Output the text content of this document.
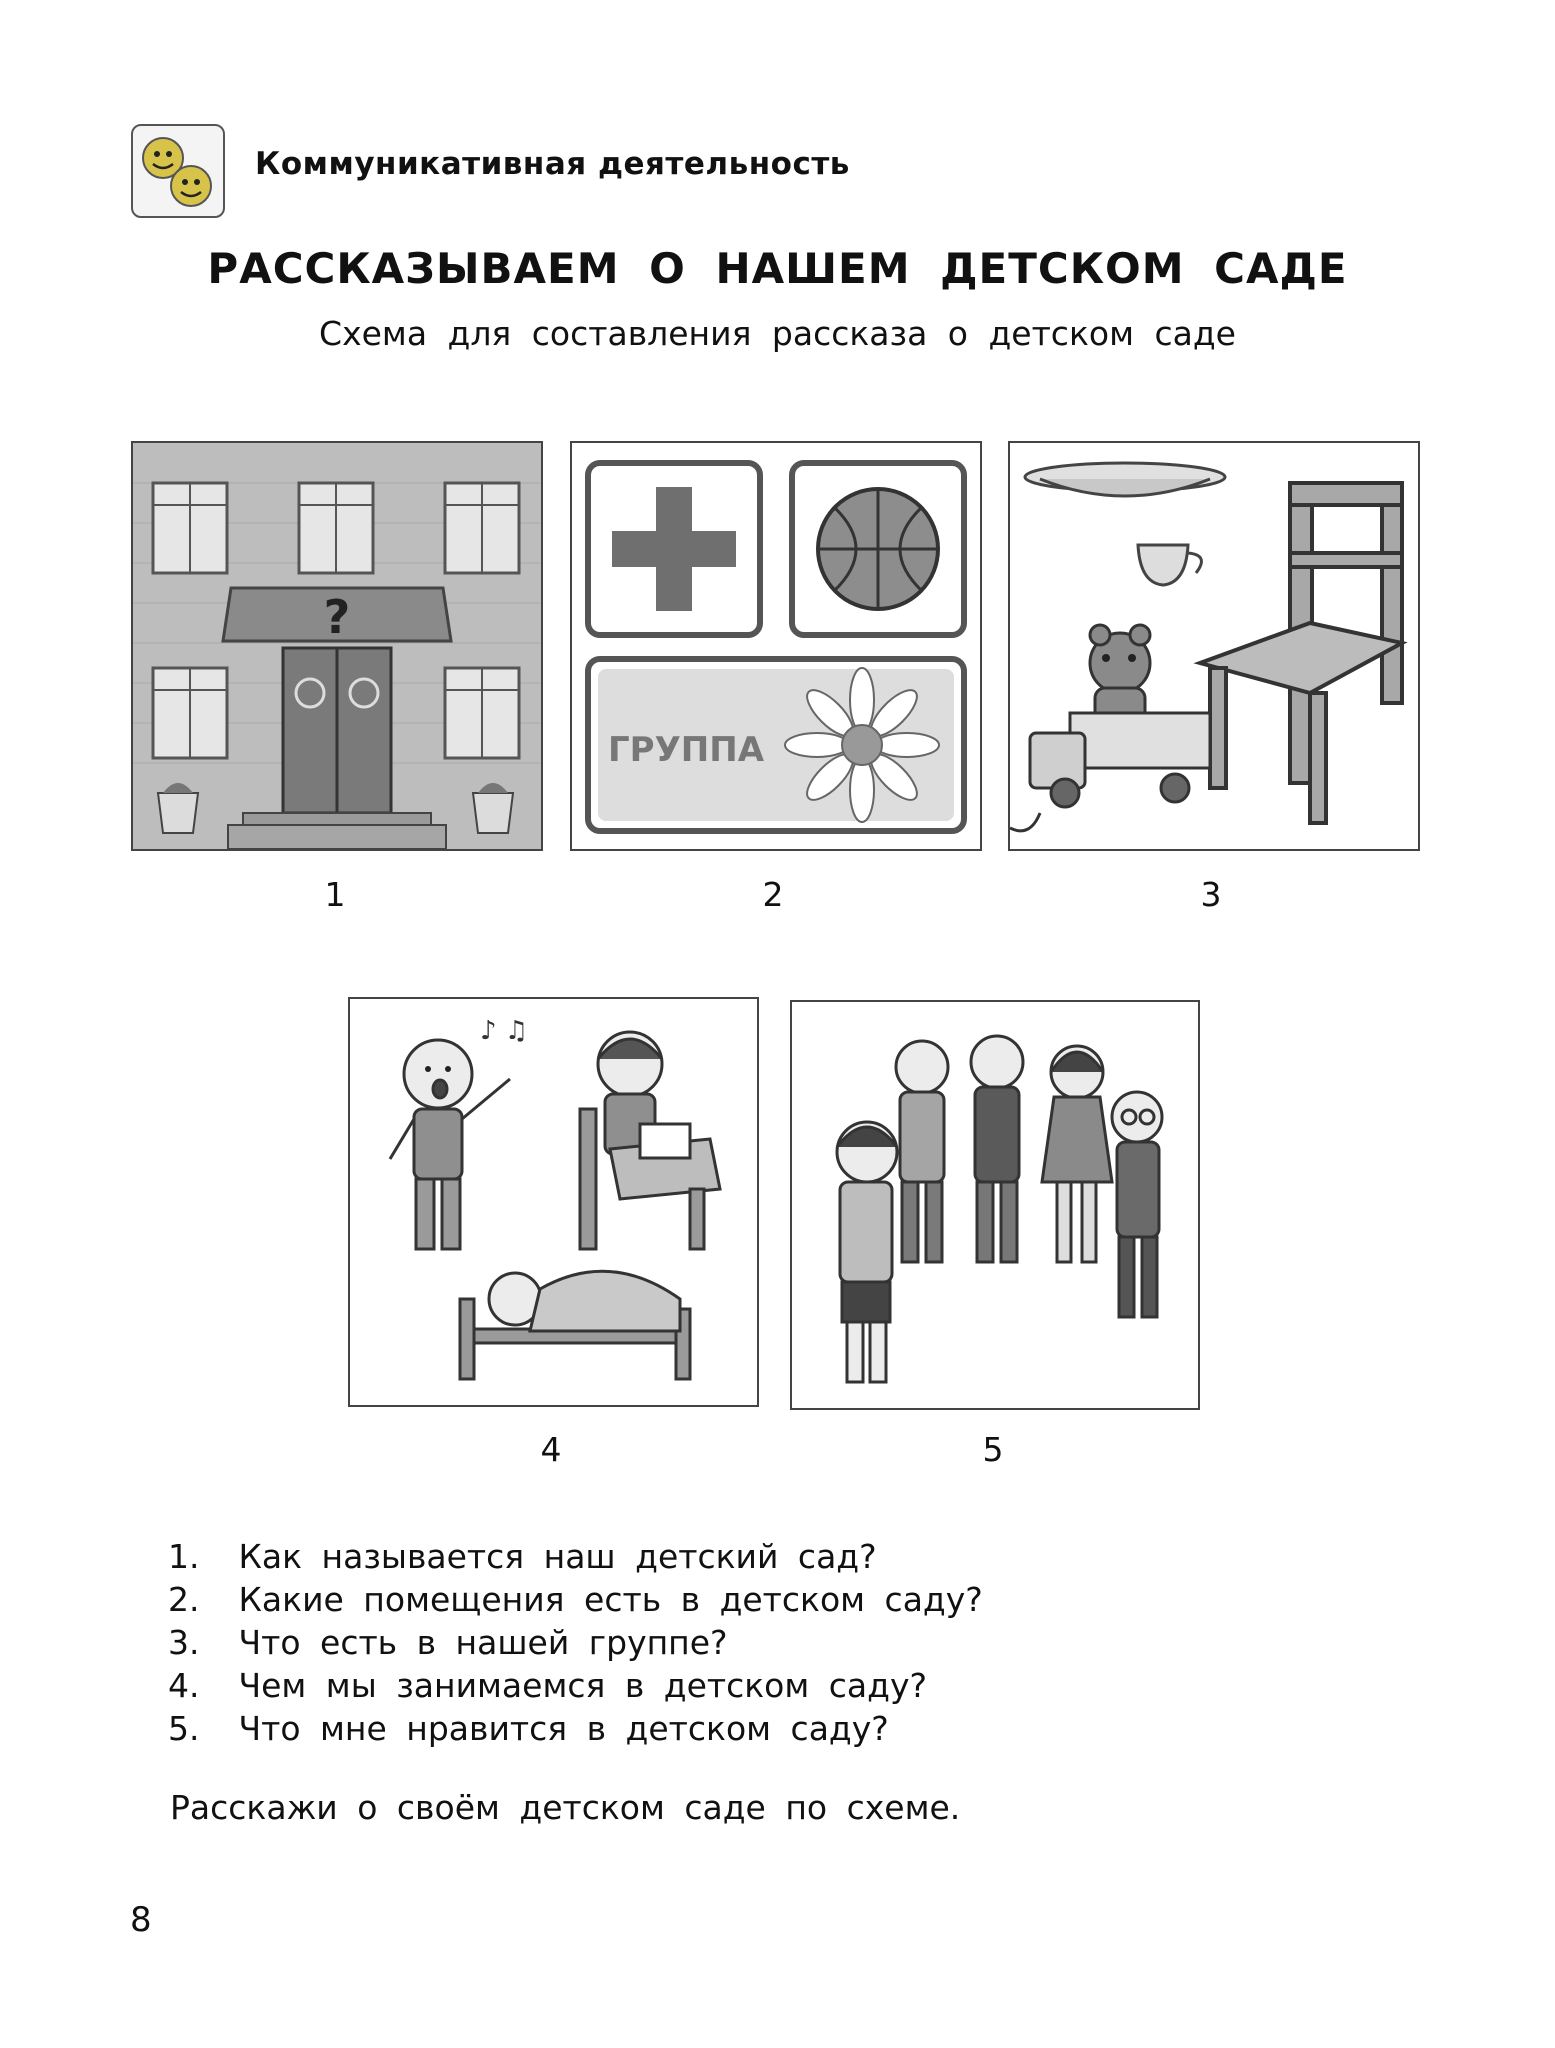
Коммуникативная деятельность
РАССКАЗЫВАЕМ О НАШЕМ ДЕТСКОМ САДЕ
Схема для составления рассказа о детском саде
?
1
ГРУППА
2	3
♪ ♫
4	5
1. Как называется наш детский сад?
2. Какие помещения есть в детском саду?
3. Что есть в нашей группе?
4. Чем мы занимаемся в детском саду?
5. Что мне нравится в детском саду?
Расскажи о своём детском саде по схеме.
8
